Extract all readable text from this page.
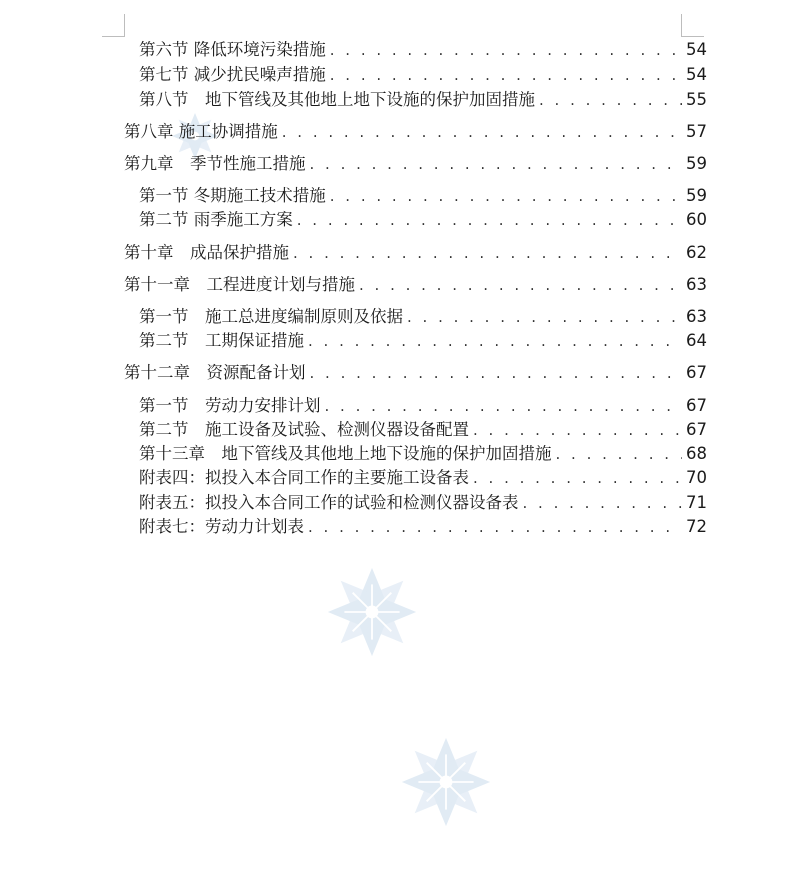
第六节 降低环境污染措施 . . .	54
第七节 减少扰民噪声措施 . . .	54
第八节　地下管线及其他地上地下设施的保护加固措施 . . .	55
第八章 施工协调措施 . . .	57
第九章　季节性施工措施 . . .	59
第一节 冬期施工技术措施 . . .	59
第二节 雨季施工方案 . . .	60
第十章　成品保护措施 . . .	62
第十一章　工程进度计划与措施 . . .	63
第一节　施工总进度编制原则及依据 . . .	63
第二节　工期保证措施 . . .	64
第十二章　资源配备计划 . . .	67
第一节　劳动力安排计划 . . .	67
第二节　施工设备及试验、检测仪器设备配置 . . .	67
第十三章　地下管线及其他地上地下设施的保护加固措施 . . .	68
附表四：拟投入本合同工作的主要施工设备表 . . .	70
附表五：拟投入本合同工作的试验和检测仪器设备表 . . .	71
附表七：劳动力计划表 . . .	72
